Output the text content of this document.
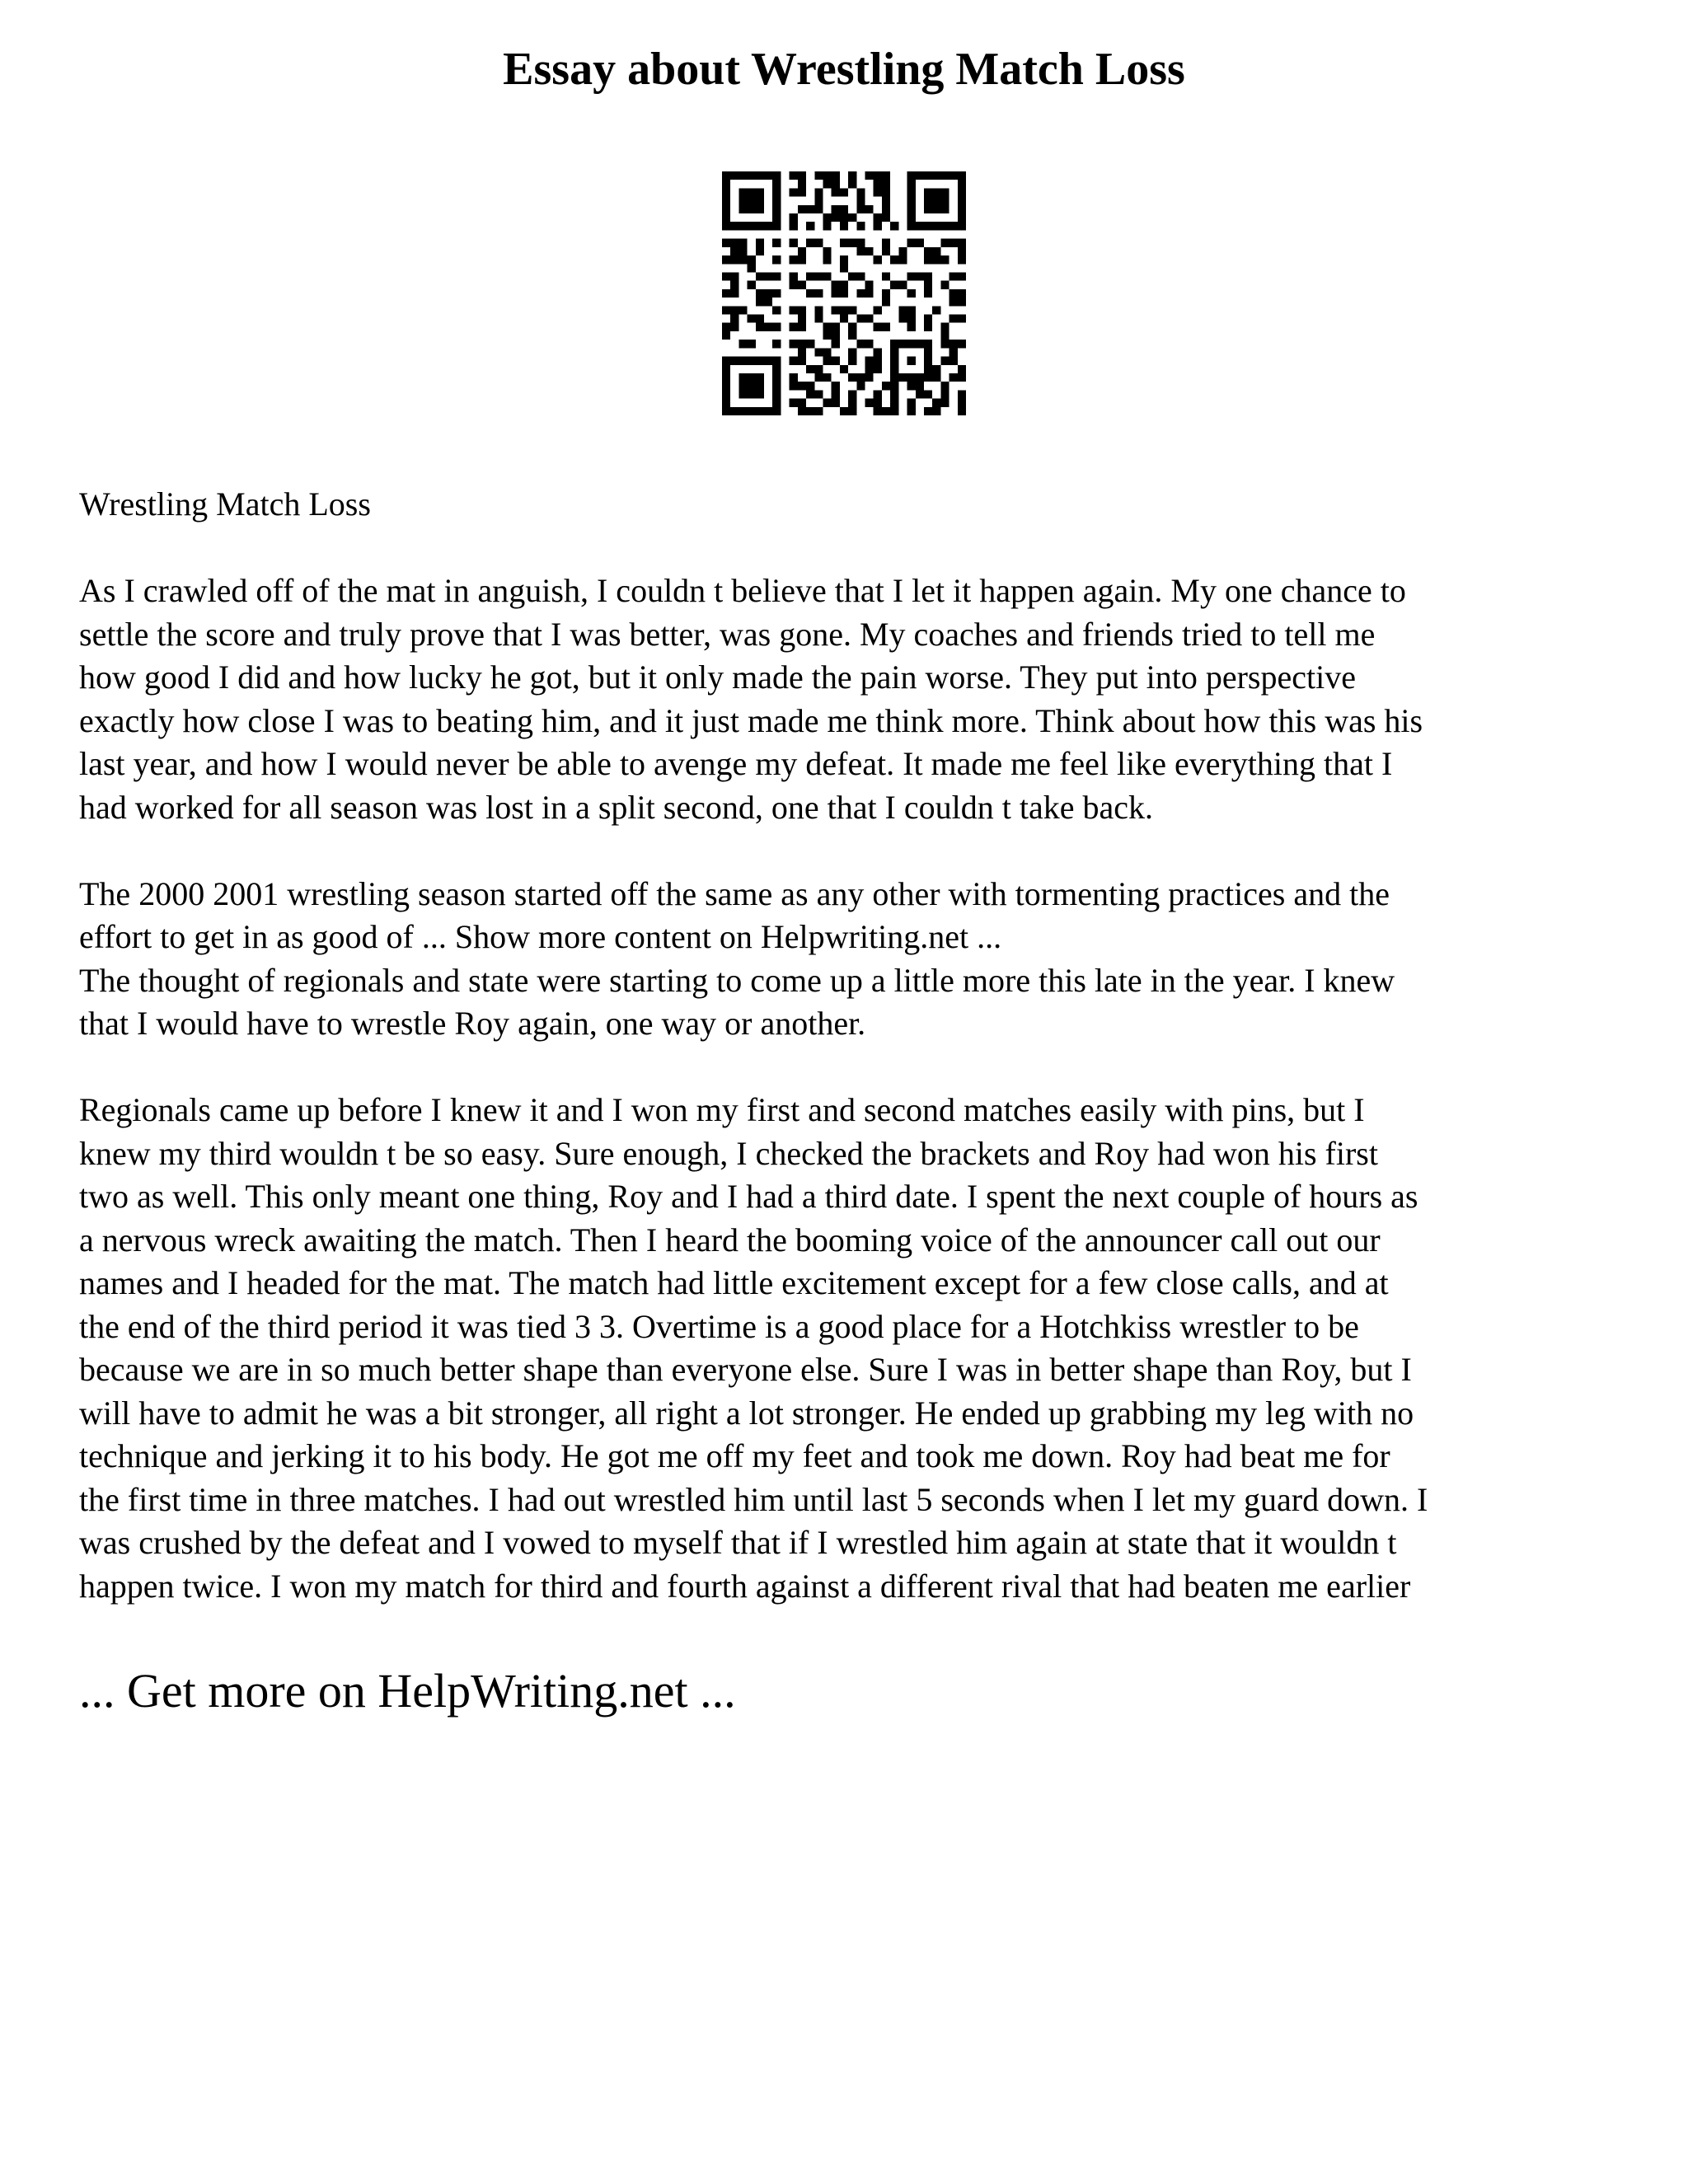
Essay about Wrestling Match Loss

Wrestling Match Loss

As I crawled off of the mat in anguish, I couldn t believe that I let it happen again. My one chance to
settle the score and truly prove that I was better, was gone. My coaches and friends tried to tell me
how good I did and how lucky he got, but it only made the pain worse. They put into perspective
exactly how close I was to beating him, and it just made me think more. Think about how this was his
last year, and how I would never be able to avenge my defeat. It made me feel like everything that I
had worked for all season was lost in a split second, one that I couldn t take back.

The 2000 2001 wrestling season started off the same as any other with tormenting practices and the
effort to get in as good of ... Show more content on Helpwriting.net ...

The thought of regionals and state were starting to come up a little more this late in the year. I knew
that I would have to wrestle Roy again, one way or another.

Regionals came up before I knew it and I won my first and second matches easily with pins, but I
knew my third wouldn t be so easy. Sure enough, I checked the brackets and Roy had won his first
two as well. This only meant one thing, Roy and I had a third date. I spent the next couple of hours as
a nervous wreck awaiting the match. Then I heard the booming voice of the announcer call out our
names and I headed for the mat. The match had little excitement except for a few close calls, and at
the end of the third period it was tied 3 3. Overtime is a good place for a Hotchkiss wrestler to be
because we are in so much better shape than everyone else. Sure I was in better shape than Roy, but I
will have to admit he was a bit stronger, all right a lot stronger. He ended up grabbing my leg with no
technique and jerking it to his body. He got me off my feet and took me down. Roy had beat me for
the first time in three matches. I had out wrestled him until last 5 seconds when I let my guard down. I
was crushed by the defeat and I vowed to myself that if I wrestled him again at state that it wouldn t
happen twice. I won my match for third and fourth against a different rival that had beaten me earlier

... Get more on HelpWriting.net ...
